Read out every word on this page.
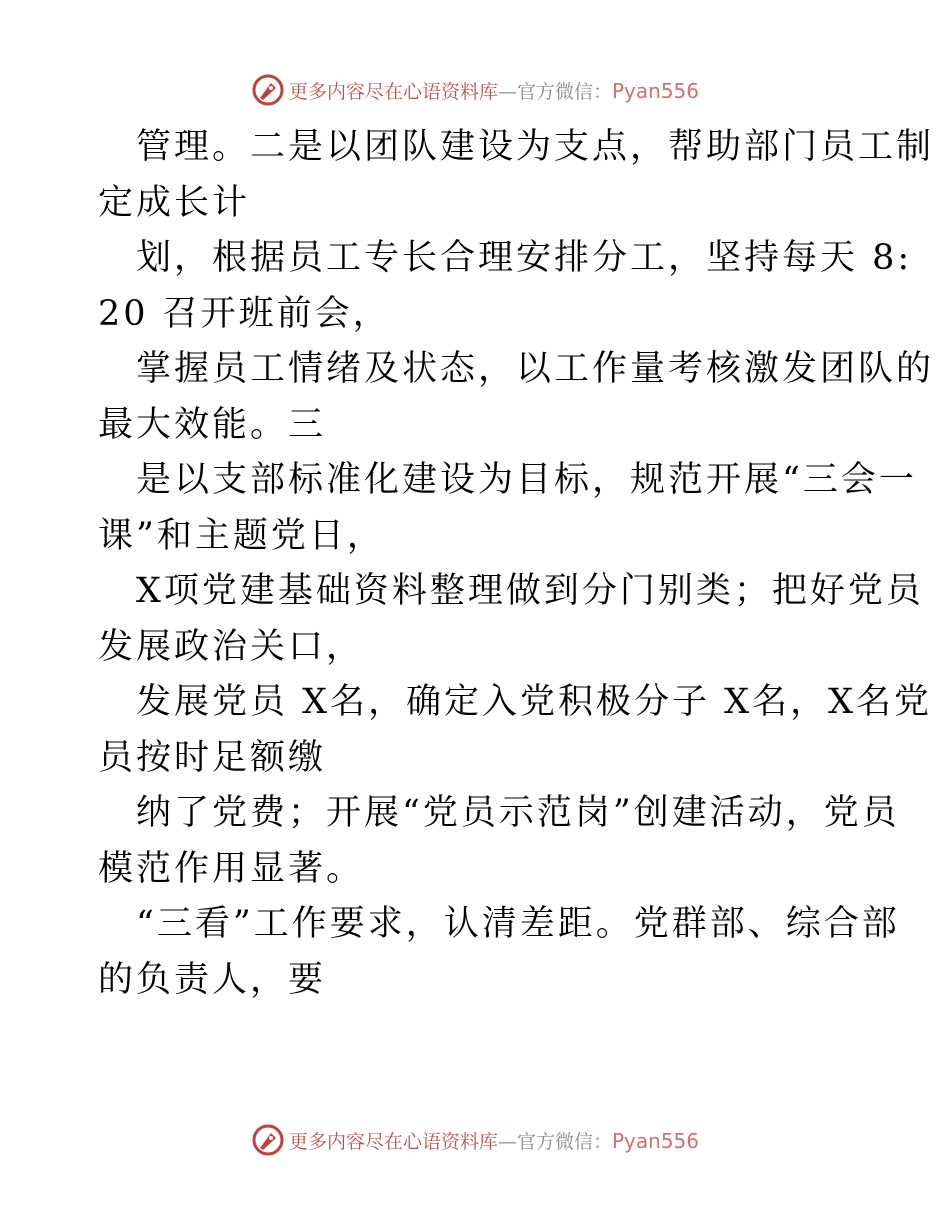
更多内容尽在心语资料库—官方微信：Pyan556

管理。二是以团队建设为支点，帮助部门员工制

定成长计

划，根据员工专长合理安排分工，坚持每天 8:

20 召开班前会，

掌握员工情绪及状态，以工作量考核激发团队的

最大效能。三

是以支部标准化建设为目标，规范开展“三会一

课”和主题党日，

X项党建基础资料整理做到分门别类；把好党员

发展政治关口，

发展党员 X名，确定入党积极分子 X名，X名党

员按时足额缴

纳了党费；开展“党员示范岗”创建活动，党员

模范作用显著。

“三看”工作要求，认清差距。党群部、综合部

的负责人，要

更多内容尽在心语资料库—官方微信：Pyan556
